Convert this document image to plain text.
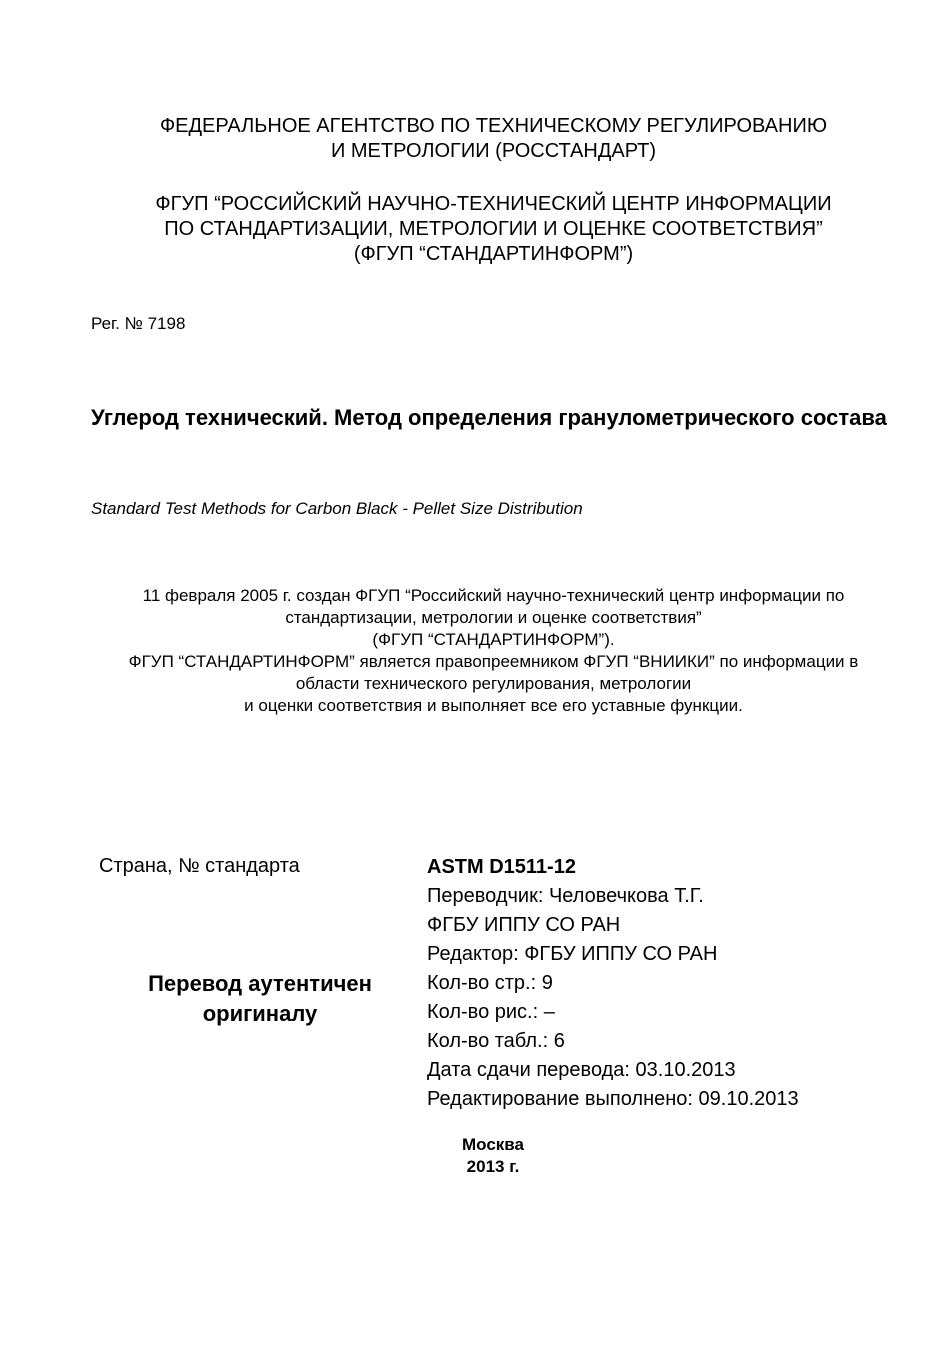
ФЕДЕРАЛЬНОЕ АГЕНТСТВО ПО ТЕХНИЧЕСКОМУ РЕГУЛИРОВАНИЮ
И МЕТРОЛОГИИ (РОССТАНДАРТ)
ФГУП “РОССИЙСКИЙ НАУЧНО-ТЕХНИЧЕСКИЙ ЦЕНТР ИНФОРМАЦИИ
ПО СТАНДАРТИЗАЦИИ, МЕТРОЛОГИИ И ОЦЕНКЕ СООТВЕТСТВИЯ”
(ФГУП “СТАНДАРТИНФОРМ”)
Рег. № 7198
Углерод технический. Метод определения гранулометрического состава
Standard Test Methods for Carbon Black - Pellet Size Distribution
11 февраля 2005 г. создан ФГУП “Российский научно-технический центр информации по
стандартизации, метрологии и оценке соответствия”
(ФГУП “СТАНДАРТИНФОРМ”).
ФГУП “СТАНДАРТИНФОРМ” является правопреемником ФГУП “ВНИИКИ” по информации в
области технического регулирования, метрологии
и оценки соответствия и выполняет все его уставные функции.
Страна, № стандарта
Перевод аутентичен
оригиналу
ASTM D1511-12
Переводчик: Человечкова Т.Г.
ФГБУ ИППУ СО РАН
Редактор: ФГБУ ИППУ СО РАН
Кол-во стр.: 9
Кол-во рис.: –
Кол-во табл.: 6
Дата сдачи перевода: 03.10.2013
Редактирование выполнено: 09.10.2013
Москва
2013 г.
